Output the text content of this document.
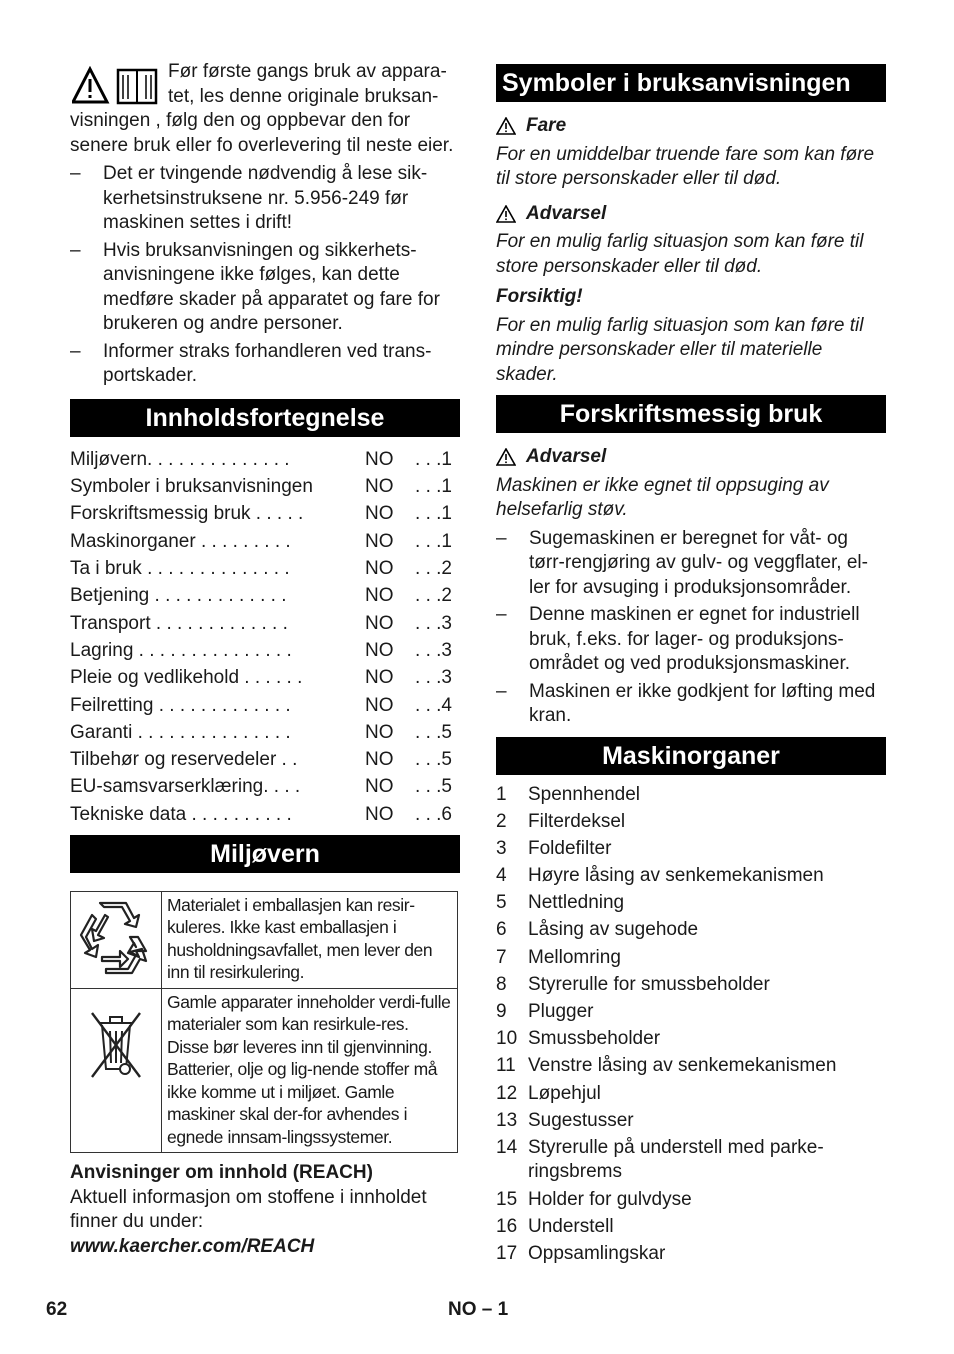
Før første gangs bruk av appara-
tet, les denne originale bruksan-
visningen , følg den og oppbevar den for senere bruk eller fo overlevering til neste eier.

– Det er tvingende nødvendig å lese sik-kerhetsinstruksene nr. 5.956-249 før maskinen settes i drift!
– Hvis bruksanvisningen og sikkerhets-anvisningene ikke følges, kan dette medføre skader på apparatet og fare for brukeren og andre personer.
– Informer straks forhandleren ved trans-portskader.
Innholdsfortegnelse
Miljøvern. . . . . . . . . . . . . .	NO	. . .1
Symboler i bruksanvisningen	NO	. . .1
Forskriftsmessig bruk . . . . .	NO	. . .1
Maskinorganer . . . . . . . . .	NO	. . .1
Ta i bruk . . . . . . . . . . . . . .	NO	. . .2
Betjening . . . . . . . . . . . . .	NO	. . .2
Transport . . . . . . . . . . . . .	NO	. . .3
Lagring . . . . . . . . . . . . . . .	NO	. . .3
Pleie og vedlikehold . . . . . .	NO	. . .3
Feilretting . . . . . . . . . . . . .	NO	. . .4
Garanti . . . . . . . . . . . . . . .	NO	. . .5
Tilbehør og reservedeler . .	NO	. . .5
EU-samsvarserklæring. . . .	NO	. . .5
Tekniske data . . . . . . . . . .	NO	. . .6
Miljøvern
	Materialet i emballasjen kan resir-kuleres. Ikke kast emballasjen i husholdningsavfallet, men lever den inn til resirkulering.
	Gamle apparater inneholder verdi-fulle materialer som kan resirkule-res. Disse bør leveres inn til gjenvinning. Batterier, olje og lig-nende stoffer må ikke komme ut i miljøet. Gamle maskiner skal der-for avhendes i egnede innsam-lingssystemer.

Anvisninger om innhold (REACH)

Aktuell informasjon om stoffene i innholdet finner du under:

www.kaercher.com/REACH

Symboler i bruksanvisningen
Fare

For en umiddelbar truende fare som kan føre til store personskader eller til død.

Advarsel

For en mulig farlig situasjon som kan føre til store personskader eller til død.

Forsiktig!

For en mulig farlig situasjon som kan føre til mindre personskader eller til materielle skader.

Forskriftsmessig bruk
Advarsel

Maskinen er ikke egnet til oppsuging av helsefarlig støv.

– Sugemaskinen er beregnet for våt- og tørr-rengjøring av gulv- og veggflater, el-ler for avsuging i produksjonsområder.
– Denne maskinen er egnet for industriell bruk, f.eks. for lager- og produksjons-området og ved produksjonsmaskiner.
– Maskinen er ikke godkjent for løfting med kran.
Maskinorganer
1	Spennhendel
2	Filterdeksel
3	Foldefilter
4	Høyre låsing av senkemekanismen
5	Nettledning
6	Låsing av sugehode
7	Mellomring
8	Styrerulle for smussbeholder
9	Plugger
10 Smussbeholder
11 Venstre låsing av senkemekanismen
12 Løpehjul
13 Sugestusser
14 Styrerulle på understell med parke-ringsbrems
15 Holder for gulvdyse
16 Understell
17 Oppsamlingskar
62	NO – 1
